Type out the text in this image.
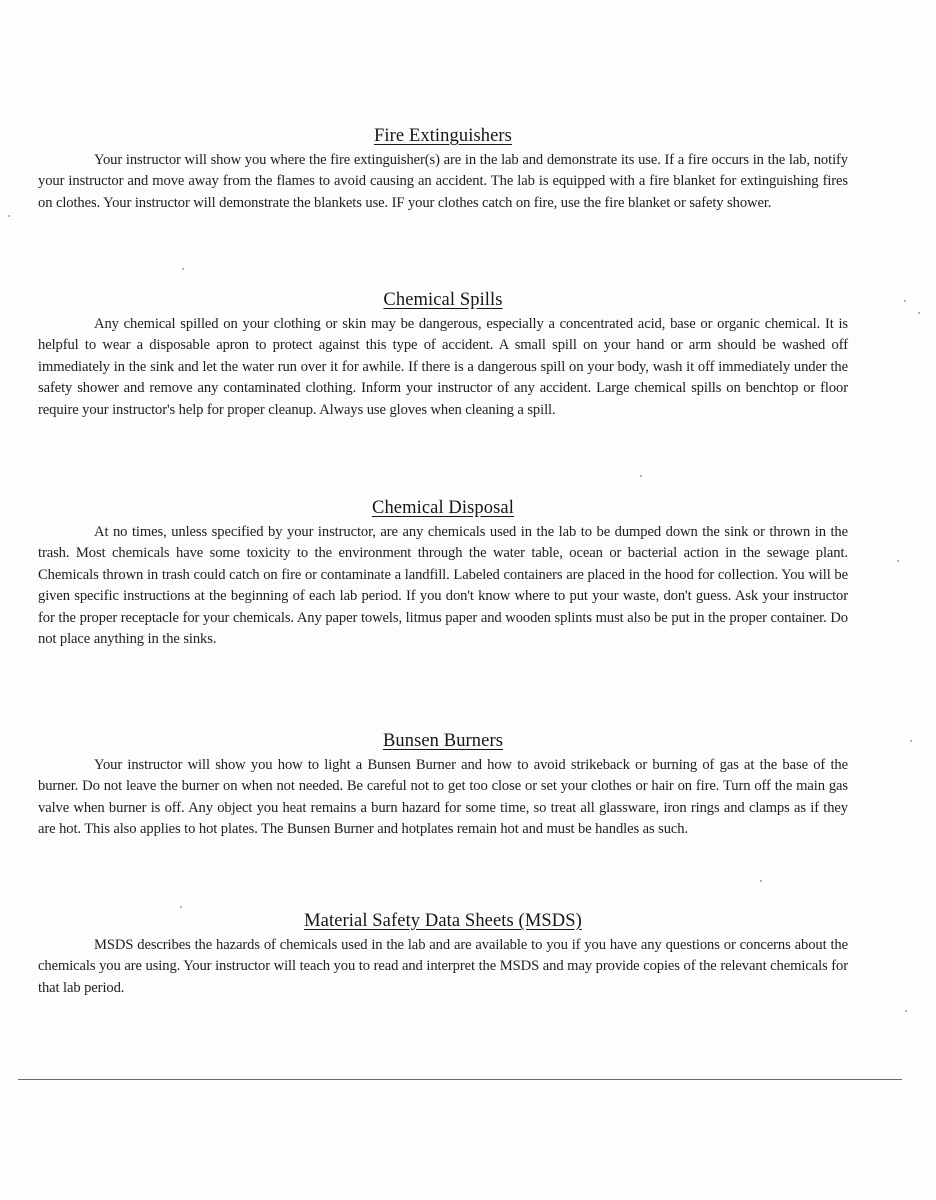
Fire Extinguishers

Your instructor will show you where the fire extinguisher(s) are in the lab and demonstrate its use. If a fire occurs in the lab, notify your instructor and move away from the flames to avoid causing an accident. The lab is equipped with a fire blanket for extinguishing fires on clothes. Your instructor will demonstrate the blankets use. IF your clothes catch on fire, use the fire blanket or safety shower.

Chemical Spills

Any chemical spilled on your clothing or skin may be dangerous, especially a concentrated acid, base or organic chemical. It is helpful to wear a disposable apron to protect against this type of accident. A small spill on your hand or arm should be washed off immediately in the sink and let the water run over it for awhile. If there is a dangerous spill on your body, wash it off immediately under the safety shower and remove any contaminated clothing. Inform your instructor of any accident. Large chemical spills on benchtop or floor require your instructor's help for proper cleanup. Always use gloves when cleaning a spill.

Chemical Disposal

At no times, unless specified by your instructor, are any chemicals used in the lab to be dumped down the sink or thrown in the trash. Most chemicals have some toxicity to the environment through the water table, ocean or bacterial action in the sewage plant. Chemicals thrown in trash could catch on fire or contaminate a landfill. Labeled containers are placed in the hood for collection. You will be given specific instructions at the beginning of each lab period. If you don't know where to put your waste, don't guess. Ask your instructor for the proper receptacle for your chemicals. Any paper towels, litmus paper and wooden splints must also be put in the proper container. Do not place anything in the sinks.

Bunsen Burners

Your instructor will show you how to light a Bunsen Burner and how to avoid strikeback or burning of gas at the base of the burner. Do not leave the burner on when not needed. Be careful not to get too close or set your clothes or hair on fire. Turn off the main gas valve when burner is off. Any object you heat remains a burn hazard for some time, so treat all glassware, iron rings and clamps as if they are hot. This also applies to hot plates. The Bunsen Burner and hotplates remain hot and must be handles as such.

Material Safety Data Sheets (MSDS)

MSDS describes the hazards of chemicals used in the lab and are available to you if you have any questions or concerns about the chemicals you are using. Your instructor will teach you to read and interpret the MSDS and may provide copies of the relevant chemicals for that lab period.
